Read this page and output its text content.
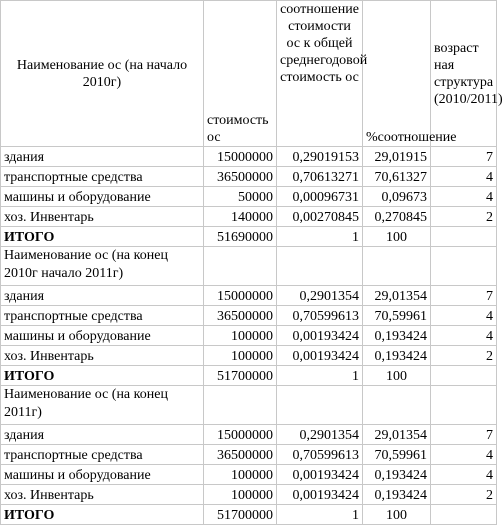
Наименование ос (на начало 2010г)	стоимость ос	соотношение стоимости ос к общей среднегодовой стоимость ос	%соотношение	возраст ная структура (2010/2011)
здания	15000000	0,29019153	29,01915	7
транспортные средства	36500000	0,70613271	70,61327	4
машины и оборудование	50000	0,00096731	0,09673	4
хоз. Инвентарь	140000	0,00270845	0,270845	2
ИТОГО	51690000	1	100	
Наименование ос (на конец 2010г начало 2011г)				
здания	15000000	0,2901354	29,01354	7
транспортные средства	36500000	0,70599613	70,59961	4
машины и оборудование	100000	0,00193424	0,193424	4
хоз. Инвентарь	100000	0,00193424	0,193424	2
ИТОГО	51700000	1	100	
Наименование ос (на конец 2011г)				
здания	15000000	0,2901354	29,01354	7
транспортные средства	36500000	0,70599613	70,59961	4
машины и оборудование	100000	0,00193424	0,193424	4
хоз. Инвентарь	100000	0,00193424	0,193424	2
ИТОГО	51700000	1	100	
